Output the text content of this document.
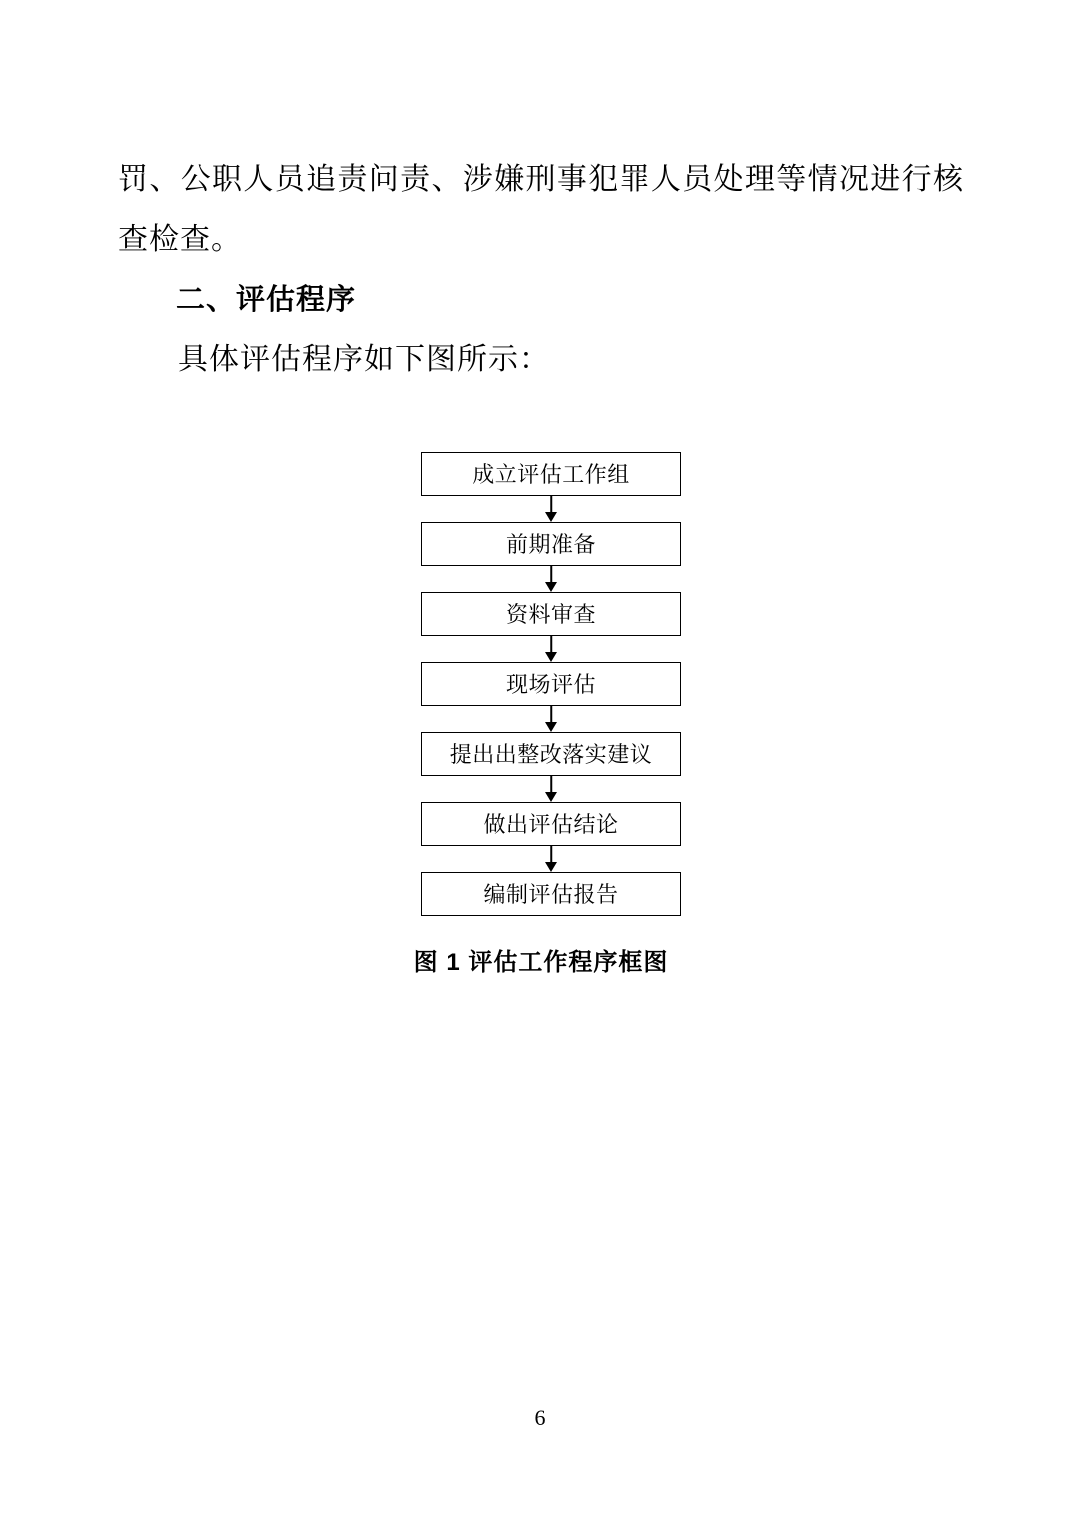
罚、公职人员追责问责、涉嫌刑事犯罪人员处理等情况进行核查检查。

二、评估程序

具体评估程序如下图所示：

成立评估工作组
前期准备
资料审查
现场评估
提出出整改落实建议
做出评估结论
编制评估报告
图 1 评估工作程序框图
6
